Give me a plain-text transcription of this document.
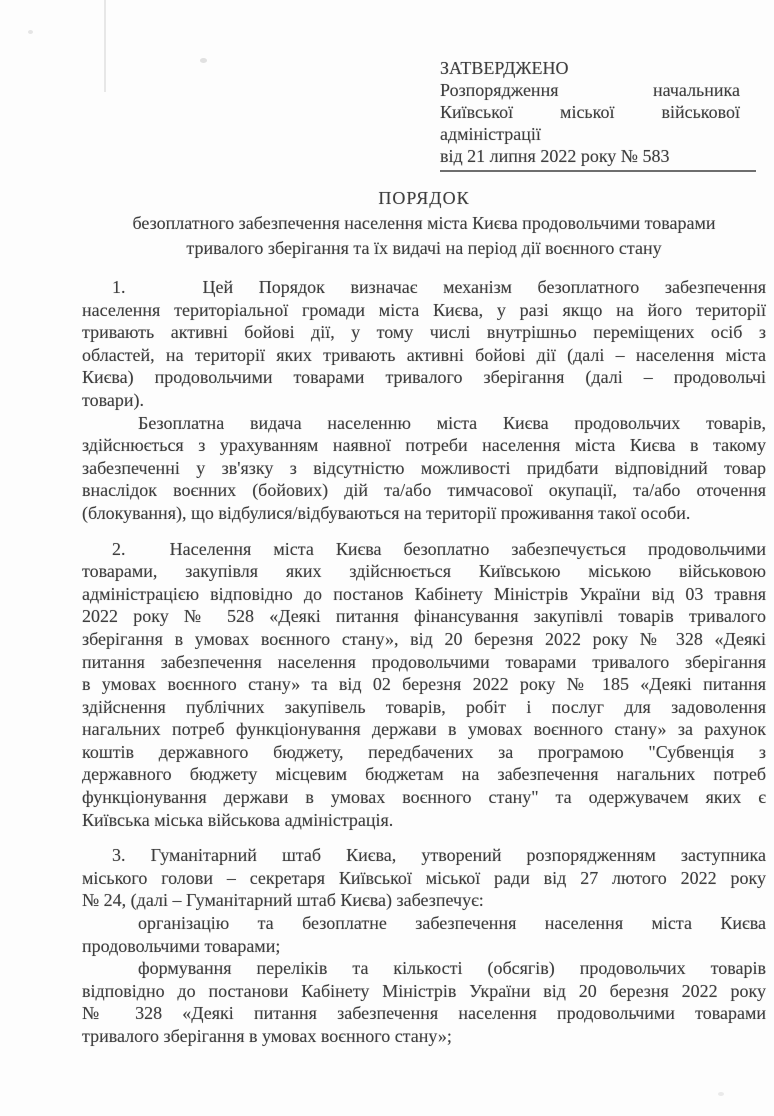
ЗАТВЕРДЖЕНО
Розпорядження начальника
Київської міської військової
адміністрації
від 21 липня 2022 року № 583
ПОРЯДОК
безоплатного забезпечення населення міста Києва продовольчими товарами
тривалого зберігання та їх видачі на період дії воєнного стану
1.   Цей Порядок визначає механізм безоплатного забезпечення
населення територіальної громади міста Києва, у разі якщо на його території
тривають активні бойові дії, у тому числі внутрішньо переміщених осіб з
областей, на території яких тривають активні бойові дії (далі – населення міста
Києва) продовольчими товарами тривалого зберігання (далі – продовольчі
товари).
Безоплатна видача населенню міста Києва продовольчих товарів,
здійснюється з урахуванням наявної потреби населення міста Києва в такому
забезпеченні у зв'язку з відсутністю можливості придбати відповідний товар
внаслідок воєнних (бойових) дій та/або тимчасової окупації, та/або оточення
(блокування), що відбулися/відбуваються на території проживання такої особи.
2.  Населення міста Києва безоплатно забезпечується продовольчими
товарами, закупівля яких здійснюється Київською міською військовою
адміністрацією відповідно до постанов Кабінету Міністрів України від 03 травня
2022 року № 528 «Деякі питання фінансування закупівлі товарів тривалого
зберігання в умовах воєнного стану», від 20 березня 2022 року № 328 «Деякі
питання забезпечення населення продовольчими товарами тривалого зберігання
в умовах воєнного стану» та від 02 березня 2022 року № 185 «Деякі питання
здійснення публічних закупівель товарів, робіт і послуг для задоволення
нагальних потреб функціонування держави в умовах воєнного стану» за рахунок
коштів державного бюджету, передбачених за програмою "Субвенція з
державного бюджету місцевим бюджетам на забезпечення нагальних потреб
функціонування держави в умовах воєнного стану" та одержувачем яких є
Київська міська військова адміністрація.
3. Гуманітарний штаб Києва, утворений розпорядженням заступника
міського голови – секретаря Київської міської ради від 27 лютого 2022 року
№ 24, (далі – Гуманітарний штаб Києва) забезпечує:
організацію та безоплатне забезпечення населення міста Києва
продовольчими товарами;
формування переліків та кількості (обсягів) продовольчих товарів
відповідно до постанови Кабінету Міністрів України від 20 березня 2022 року
№ 328 «Деякі питання забезпечення населення продовольчими товарами
тривалого зберігання в умовах воєнного стану»;
